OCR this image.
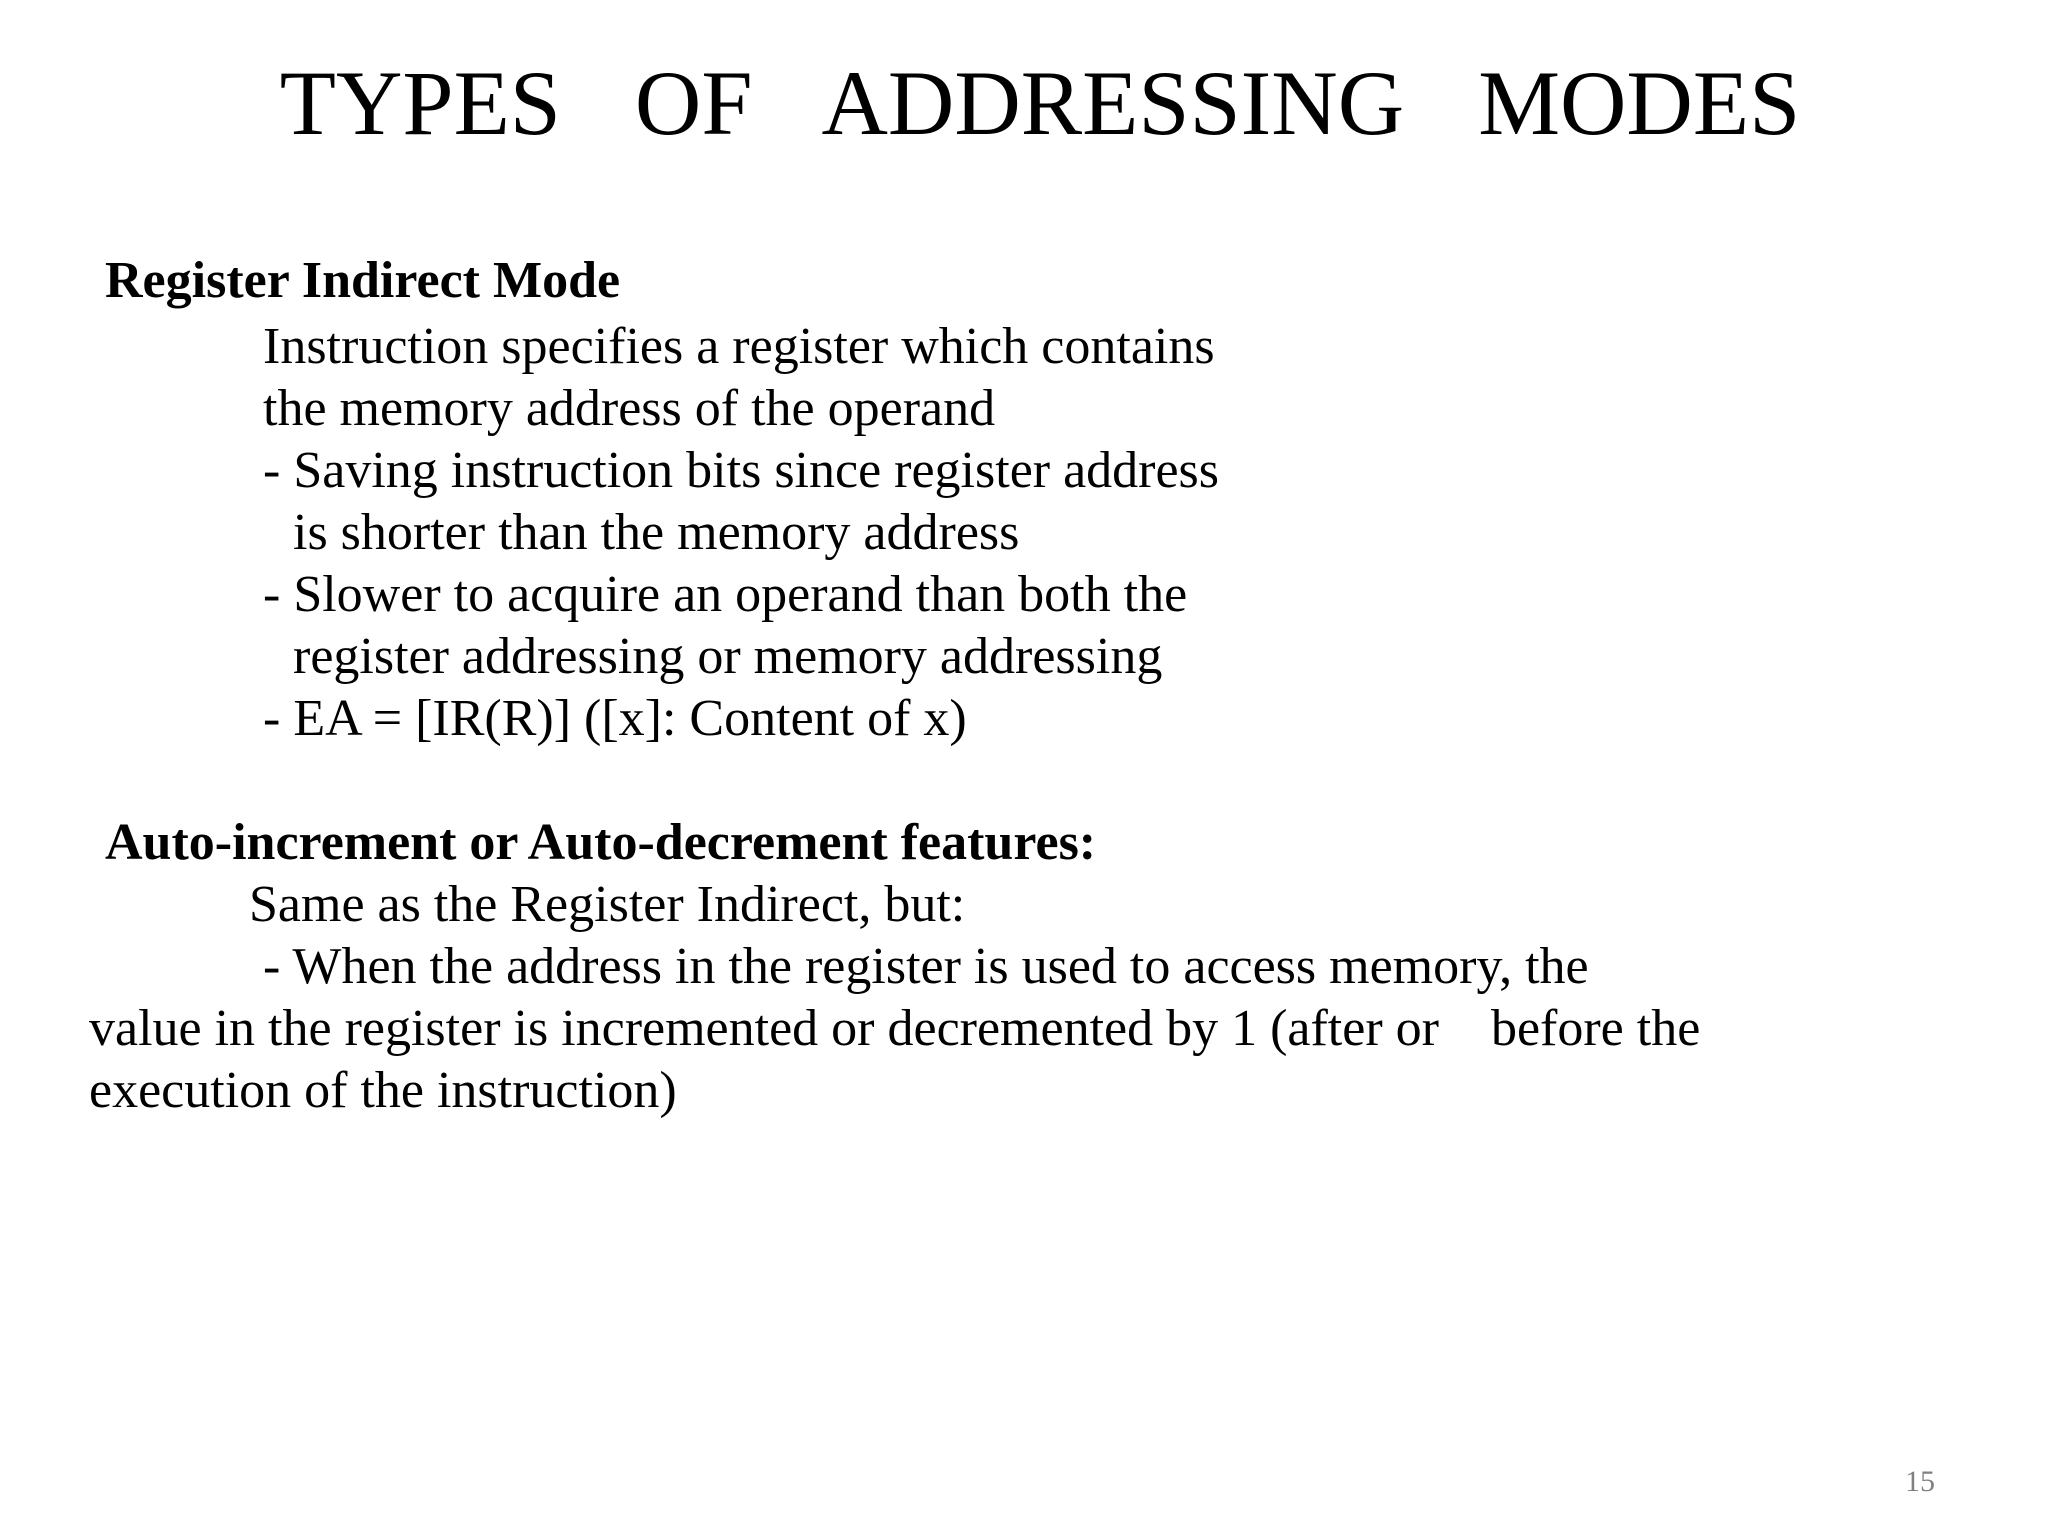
TYPES  OF  ADDRESSING  MODES
Register Indirect Mode
Instruction specifies a register which contains
the memory address of the operand
- Saving instruction bits since register address
is shorter than the memory address
- Slower to acquire an operand than both the
register addressing or memory addressing
- EA = [IR(R)] ([x]: Content of x)
Auto-increment or Auto-decrement features:
Same as the Register Indirect, but:
- When the address in the register is used to access memory, the
value in the register is incremented or decremented by 1 (after or    before the
execution of the instruction)
15
